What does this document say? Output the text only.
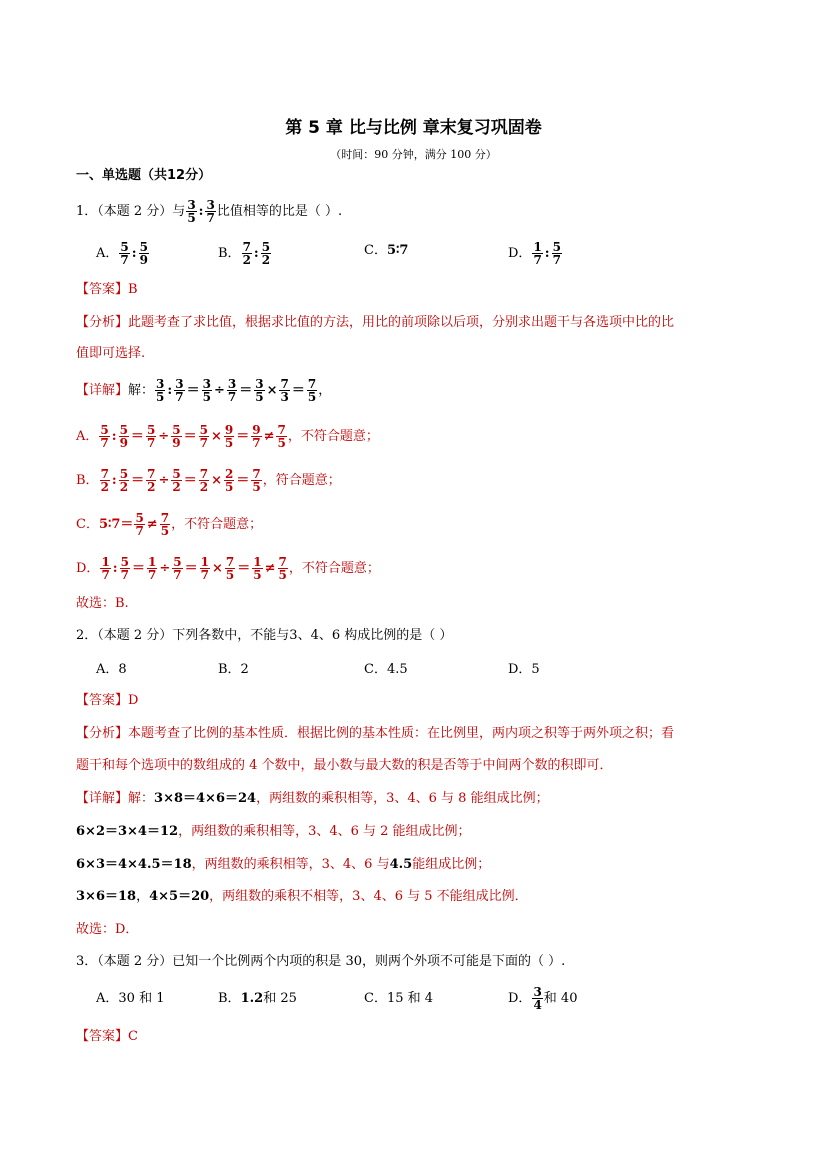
第 5 章 比与比例 章末复习巩固卷
（时间：90 分钟，满分 100 分）
一、单选题（共12分）
1．（本题 2 分）与 $\frac{3}{5}$ : $\frac{3}{7}$ 比值相等的比是（ ）.
A． $\frac{5}{7}$ : $\frac{5}{9}$	B． $\frac{7}{2}$ : $\frac{5}{2}$	C．5∶7	D． $\frac{1}{7}$ : $\frac{5}{7}$
【答案】B
【分析】此题考查了求比值，根据求比值的方法，用比的前项除以后项，分别求出题干与各选项中比的比
值即可选择.
【详解】解： $\frac{3}{5}$ : $\frac{3}{7} = \frac{3}{5} \div \frac{3}{7} = \frac{3}{5} \times \frac{7}{3} = \frac{7}{5}$ ，
A． $\frac{5}{7}$ : $\frac{5}{9} = \frac{5}{7} \div \frac{5}{9} = \frac{5}{7} \times \frac{9}{5} = \frac{9}{7} \ne \frac{7}{5}$ ，不符合题意；
B． $\frac{7}{2}$ : $\frac{5}{2} = \frac{7}{2} \div \frac{5}{2} = \frac{7}{2} \times \frac{2}{5} = \frac{7}{5}$ ，符合题意；
C．5∶7＝ $\frac{5}{7} \ne \frac{7}{5}$ ，不符合题意；
D． $\frac{1}{7}$ : $\frac{5}{7} = \frac{1}{7} \div \frac{5}{7} = \frac{1}{7} \times \frac{7}{5} = \frac{1}{5} \ne \frac{7}{5}$ ，不符合题意；
故选：B.
2．（本题 2 分）下列各数中，不能与3、4、6 构成比例的是（ ）
A．8	B．2	C．4.5	D．5
【答案】D
【分析】本题考查了比例的基本性质．根据比例的基本性质：在比例里，两内项之积等于两外项之积；看
题干和每个选项中的数组成的 4 个数中，最小数与最大数的积是否等于中间两个数的积即可．
【详解】解：3×8＝4×6＝24，两组数的乘积相等，3、4、6 与 8 能组成比例；
6×2＝3×4＝12，两组数的乘积相等，3、4、6 与 2 能组成比例；
6×3＝4×4.5＝18，两组数的乘积相等，3、4、6 与4.5能组成比例；
3×6＝18，4×5＝20，两组数的乘积不相等，3、4、6 与 5 不能组成比例．
故选：D．
3．（本题 2 分）已知一个比例两个内项的积是 30，则两个外项不可能是下面的（ ）.
A．30 和 1	B．1.2和 25	C．15 和 4	D． $\frac{3}{4}$ 和 40
【答案】C
